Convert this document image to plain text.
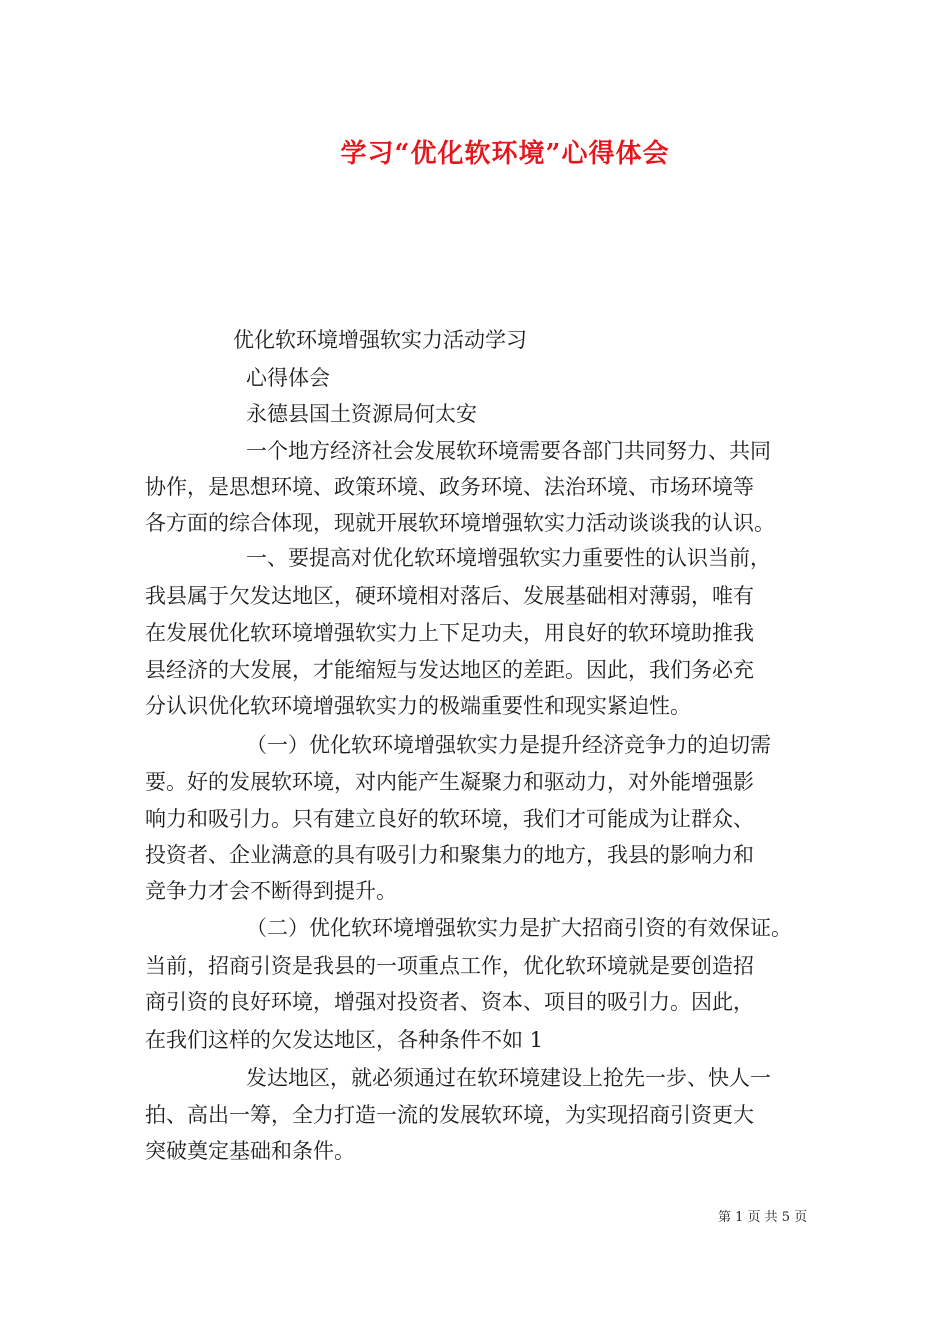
学习“优化软环境”心得体会

优化软环境增强软实力活动学习

心得体会

永德县国土资源局何太安

一个地方经济社会发展软环境需要各部门共同努力、共同

协作，是思想环境、政策环境、政务环境、法治环境、市场环境等

各方面的综合体现，现就开展软环境增强软实力活动谈谈我的认识。

一、要提高对优化软环境增强软实力重要性的认识当前，

我县属于欠发达地区，硬环境相对落后、发展基础相对薄弱，唯有

在发展优化软环境增强软实力上下足功夫，用良好的软环境助推我

县经济的大发展，才能缩短与发达地区的差距。因此，我们务必充

分认识优化软环境增强软实力的极端重要性和现实紧迫性。

（一）优化软环境增强软实力是提升经济竞争力的迫切需

要。好的发展软环境，对内能产生凝聚力和驱动力，对外能增强影

响力和吸引力。只有建立良好的软环境，我们才可能成为让群众、

投资者、企业满意的具有吸引力和聚集力的地方，我县的影响力和

竞争力才会不断得到提升。

（二）优化软环境增强软实力是扩大招商引资的有效保证。

当前，招商引资是我县的一项重点工作，优化软环境就是要创造招

商引资的良好环境，增强对投资者、资本、项目的吸引力。因此，

在我们这样的欠发达地区，各种条件不如 1

发达地区，就必须通过在软环境建设上抢先一步、快人一

拍、高出一筹，全力打造一流的发展软环境，为实现招商引资更大

突破奠定基础和条件。

第 1 页 共 5 页
